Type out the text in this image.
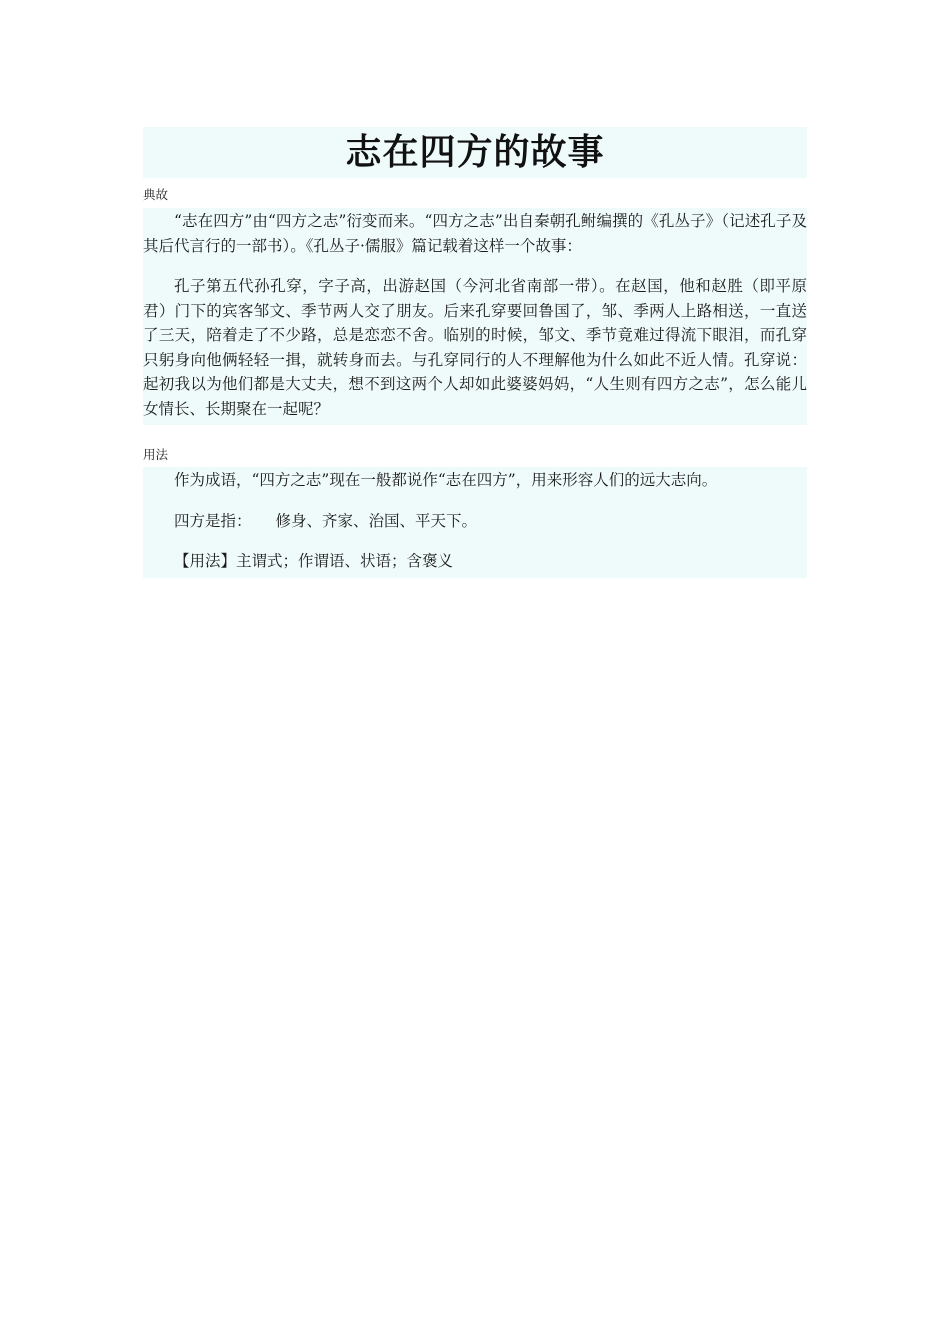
志在四方的故事
典故

“志在四方”由“四方之志”衍变而来。“四方之志”出自秦朝孔鲋编撰的《孔丛子》（记述孔子及其后代言行的一部书）。《孔丛子·儒服》篇记载着这样一个故事：

孔子第五代孙孔穿，字子高，出游赵国（今河北省南部一带）。在赵国，他和赵胜（即平原君）门下的宾客邹文、季节两人交了朋友。后来孔穿要回鲁国了，邹、季两人上路相送，一直送了三天，陪着走了不少路，总是恋恋不舍。临别的时候，邹文、季节竟难过得流下眼泪，而孔穿只躬身向他俩轻轻一揖，就转身而去。与孔穿同行的人不理解他为什么如此不近人情。孔穿说：起初我以为他们都是大丈夫，想不到这两个人却如此婆婆妈妈，“人生则有四方之志”，怎么能儿女情长、长期聚在一起呢？

用法

作为成语，“四方之志”现在一般都说作“志在四方”，用来形容人们的远大志向。

四方是指： 修身、齐家、治国、平天下。

【用法】主谓式；作谓语、状语；含褒义
